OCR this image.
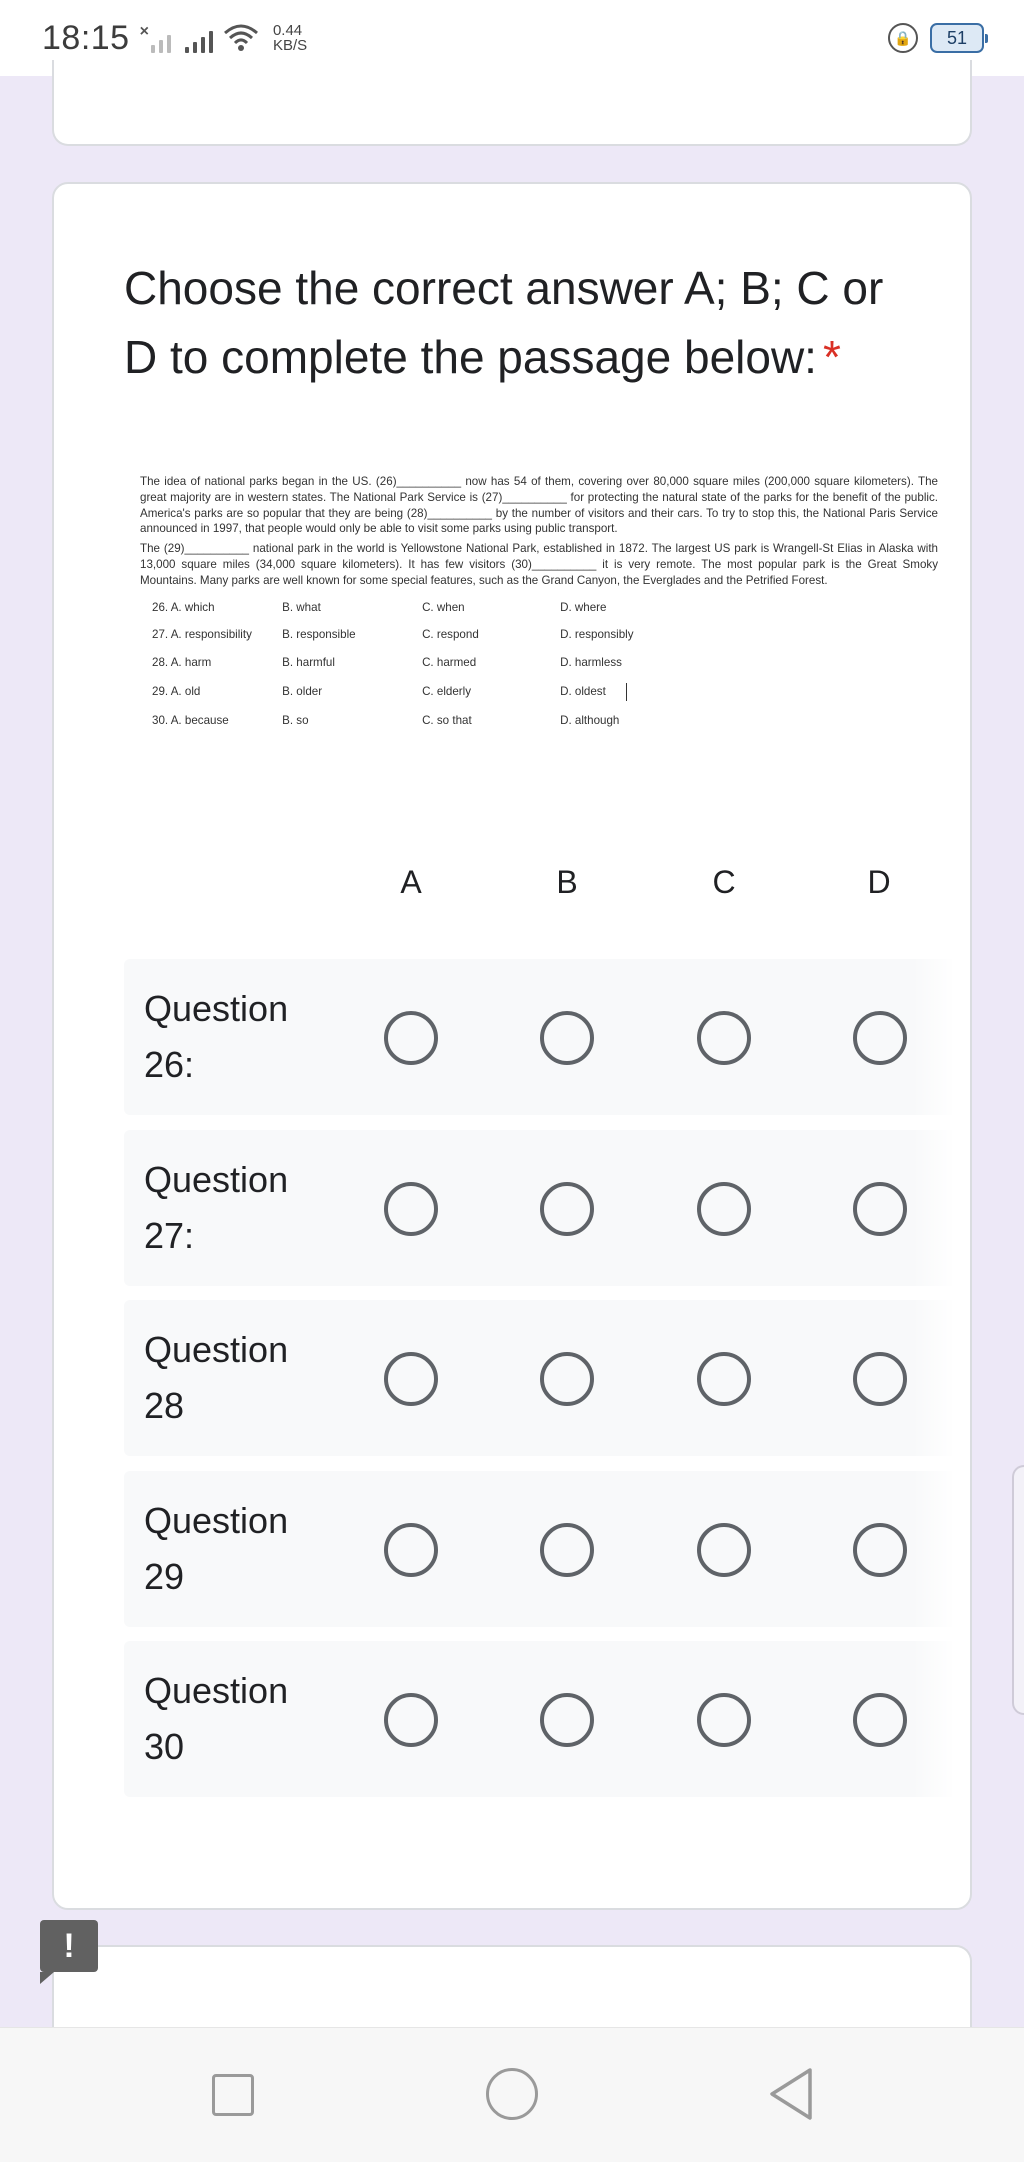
18:15 ×	0.44
KB/S	🔒	51
Choose the correct answer A; B; C or D to complete the passage below: *

The idea of national parks began in the US. (26)__________ now has 54 of them, covering over 80,000 square miles (200,000 square kilometers). The great majority are in western states. The National Park Service is (27)__________ for protecting the natural state of the parks for the benefit of the public. America's parks are so popular that they are being (28)__________ by the number of visitors and their cars. To try to stop this, the National Paris Service announced in 1997, that people would only be able to visit some parks using public transport.

The (29)__________ national park in the world is Yellowstone National Park, established in 1872. The largest US park is Wrangell-St Elias in Alaska with 13,000 square miles (34,000 square kilometers). It has few visitors (30)__________ it is very remote. The most popular park is the Great Smoky Mountains. Many parks are well known for some special features, such as the Grand Canyon, the Everglades and the Petrified Forest.

26. A. which	B. what	C. when	D. where
27. A. responsibility	B. responsible	C. respond	D. responsibly
28. A. harm	B. harmful	C. harmed	D. harmless
29. A. old	B. older	C. elderly	D. oldest
30. A. because	B. so	C. so that	D. although
A	B	C	D
Question 26:
Question 27:
Question 28
Question 29
Question 30
!
